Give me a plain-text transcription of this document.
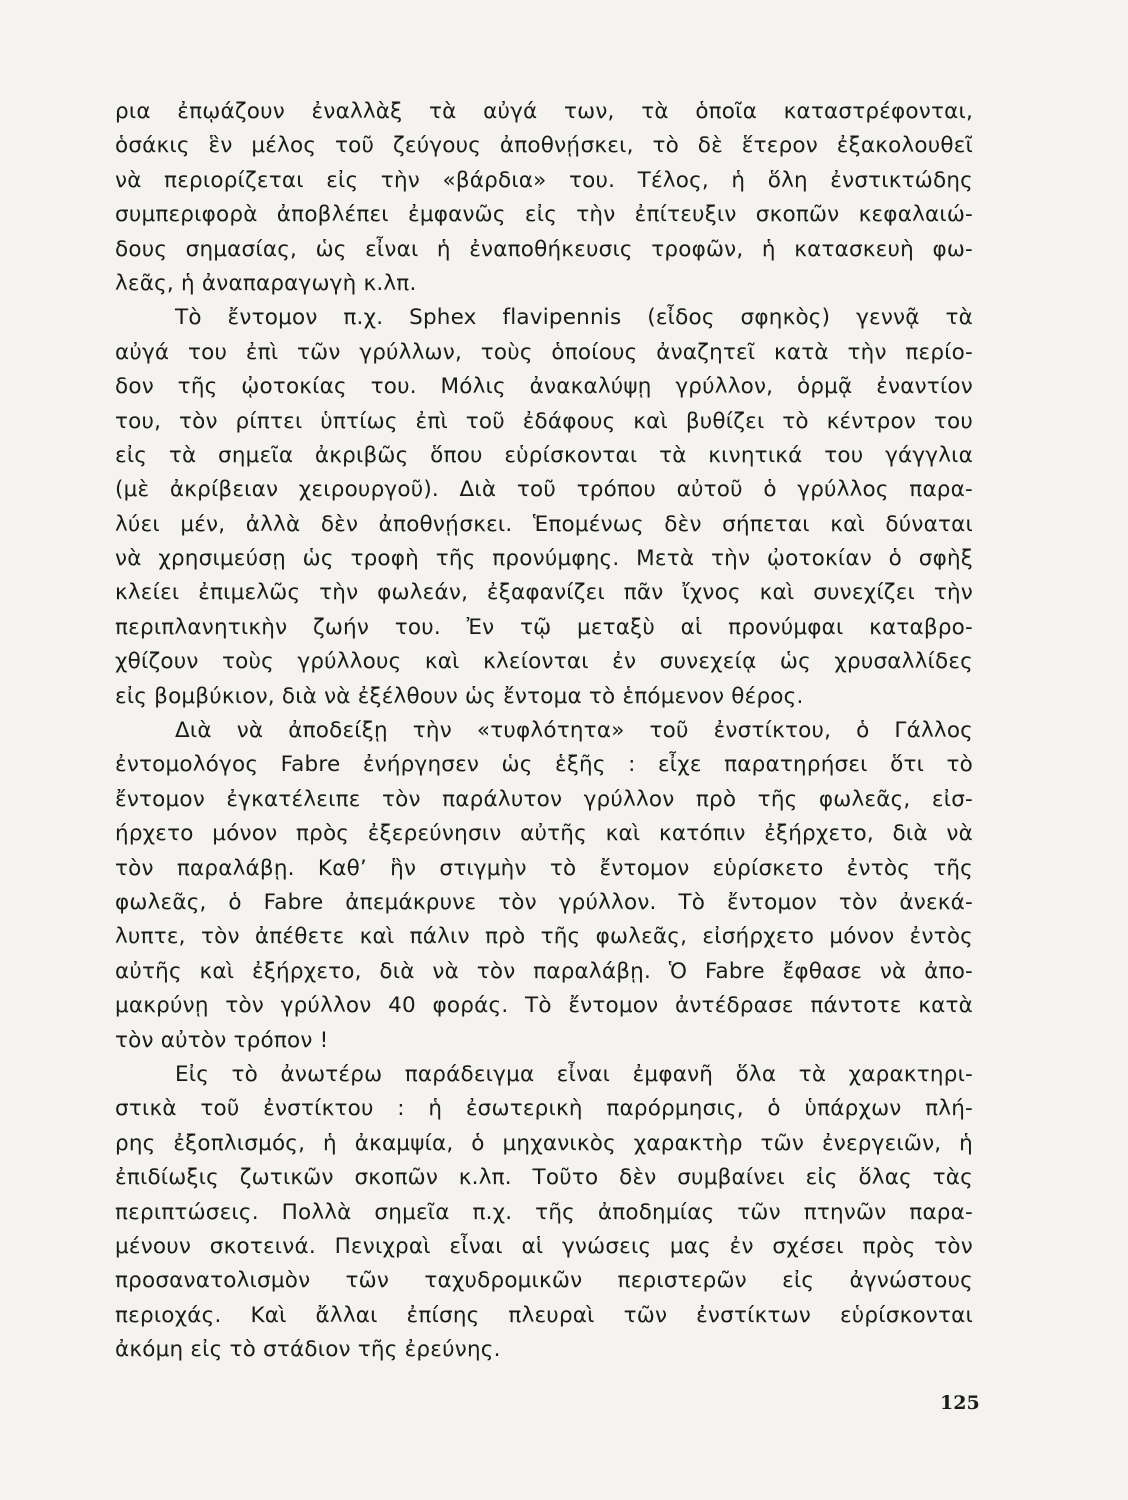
ρια ἐπῳάζουν ἐναλλὰξ τὰ αὐγά των, τὰ ὁποῖα καταστρέφονται,
ὁσάκις ἓν μέλος τοῦ ζεύγους ἀποθνῄσκει, τὸ δὲ ἕτερον ἐξακολουθεῖ
νὰ περιορίζεται εἰς τὴν «βάρδια» του. Τέλος, ἡ ὅλη ἐνστικτώδης
συμπεριφορὰ ἀποβλέπει ἐμφανῶς εἰς τὴν ἐπίτευξιν σκοπῶν κεφαλαιώ-
δους σημασίας, ὡς εἶναι ἡ ἐναποθήκευσις τροφῶν, ἡ κατασκευὴ φω-
λεᾶς, ἡ ἀναπαραγωγὴ κ.λπ.
Τὸ ἔντομον π.χ. Sphex flavipennis (εἶδος σφηκὸς) γεννᾷ τὰ
αὐγά του ἐπὶ τῶν γρύλλων, τοὺς ὁποίους ἀναζητεῖ κατὰ τὴν περίο-
δον τῆς ᾠοτοκίας του. Μόλις ἀνακαλύψῃ γρύλλον, ὁρμᾷ ἐναντίον
του, τὸν ρίπτει ὑπτίως ἐπὶ τοῦ ἐδάφους καὶ βυθίζει τὸ κέντρον του
εἰς τὰ σημεῖα ἀκριβῶς ὅπου εὑρίσκονται τὰ κινητικά του γάγγλια
(μὲ ἀκρίβειαν χειρουργοῦ). Διὰ τοῦ τρόπου αὐτοῦ ὁ γρύλλος παρα-
λύει μέν, ἀλλὰ δὲν ἀποθνῄσκει. Ἑπομένως δὲν σήπεται καὶ δύναται
νὰ χρησιμεύσῃ ὡς τροφὴ τῆς προνύμφης. Μετὰ τὴν ᾠοτοκίαν ὁ σφὴξ
κλείει ἐπιμελῶς τὴν φωλεάν, ἐξαφανίζει πᾶν ἴχνος καὶ συνεχίζει τὴν
περιπλανητικὴν ζωήν του. Ἐν τῷ μεταξὺ αἱ προνύμφαι καταβρο-
χθίζουν τοὺς γρύλλους καὶ κλείονται ἐν συνεχείᾳ ὡς χρυσαλλίδες
εἰς βομβύκιον, διὰ νὰ ἐξέλθουν ὡς ἔντομα τὸ ἑπόμενον θέρος.
Διὰ νὰ ἀποδείξῃ τὴν «τυφλότητα» τοῦ ἐνστίκτου, ὁ Γάλλος
ἐντομολόγος Fabre ἐνήργησεν ὡς ἑξῆς : εἶχε παρατηρήσει ὅτι τὸ
ἔντομον ἐγκατέλειπε τὸν παράλυτον γρύλλον πρὸ τῆς φωλεᾶς, εἰσ-
ήρχετο μόνον πρὸς ἐξερεύνησιν αὐτῆς καὶ κατόπιν ἐξήρχετο, διὰ νὰ
τὸν παραλάβῃ. Καθ’ ἣν στιγμὴν τὸ ἔντομον εὑρίσκετο ἐντὸς τῆς
φωλεᾶς, ὁ Fabre ἀπεμάκρυνε τὸν γρύλλον. Τὸ ἔντομον τὸν ἀνεκά-
λυπτε, τὸν ἀπέθετε καὶ πάλιν πρὸ τῆς φωλεᾶς, εἰσήρχετο μόνον ἐντὸς
αὐτῆς καὶ ἐξήρχετο, διὰ νὰ τὸν παραλάβῃ. Ὁ Fabre ἔφθασε νὰ ἀπο-
μακρύνῃ τὸν γρύλλον 40 φοράς. Τὸ ἔντομον ἀντέδρασε πάντοτε κατὰ
τὸν αὐτὸν τρόπον !
Εἰς τὸ ἀνωτέρω παράδειγμα εἶναι ἐμφανῆ ὅλα τὰ χαρακτηρι-
στικὰ τοῦ ἐνστίκτου : ἡ ἐσωτερικὴ παρόρμησις, ὁ ὑπάρχων πλή-
ρης ἐξοπλισμός, ἡ ἀκαμψία, ὁ μηχανικὸς χαρακτὴρ τῶν ἐνεργειῶν, ἡ
ἐπιδίωξις ζωτικῶν σκοπῶν κ.λπ. Τοῦτο δὲν συμβαίνει εἰς ὅλας τὰς
περιπτώσεις. Πολλὰ σημεῖα π.χ. τῆς ἀποδημίας τῶν πτηνῶν παρα-
μένουν σκοτεινά. Πενιχραὶ εἶναι αἱ γνώσεις μας ἐν σχέσει πρὸς τὸν
προσανατολισμὸν τῶν ταχυδρομικῶν περιστερῶν εἰς ἀγνώστους
περιοχάς. Καὶ ἄλλαι ἐπίσης πλευραὶ τῶν ἐνστίκτων εὑρίσκονται
ἀκόμη εἰς τὸ στάδιον τῆς ἐρεύνης.
125
